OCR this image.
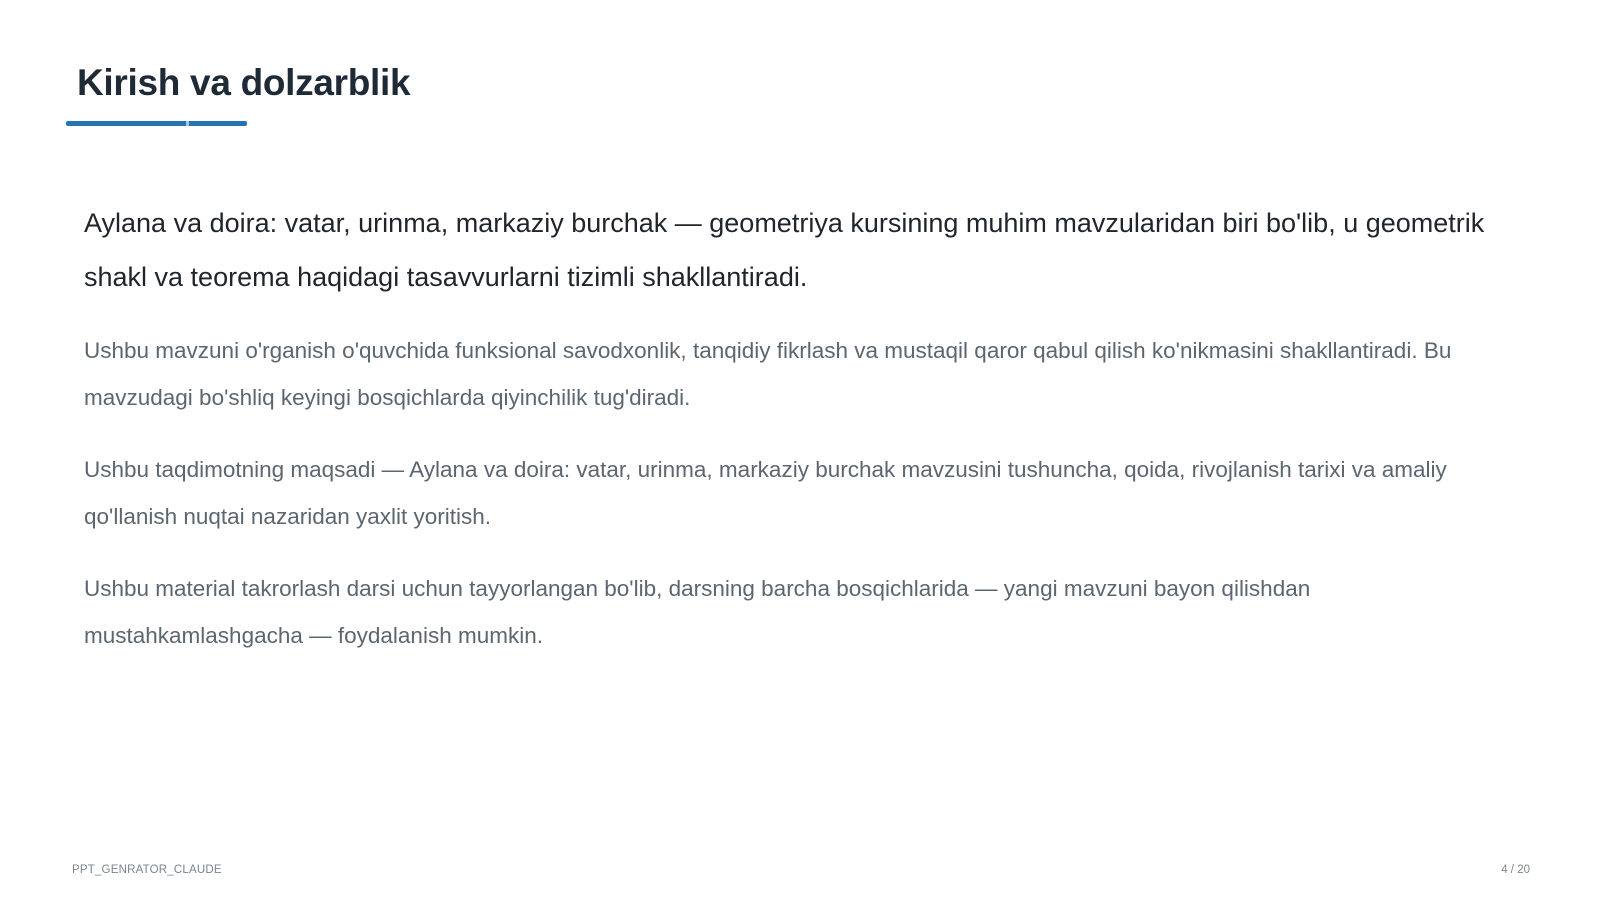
Kirish va dolzarblik

Aylana va doira: vatar, urinma, markaziy burchak — geometriya kursining muhim mavzularidan biri bo'lib, u geometrik shakl va teorema haqidagi tasavvurlarni tizimli shakllantiradi.

Ushbu mavzuni o'rganish o'quvchida funksional savodxonlik, tanqidiy fikrlash va mustaqil qaror qabul qilish ko'nikmasini shakllantiradi. Bu mavzudagi bo'shliq keyingi bosqichlarda qiyinchilik tug'diradi.

Ushbu taqdimotning maqsadi — Aylana va doira: vatar, urinma, markaziy burchak mavzusini tushuncha, qoida, rivojlanish tarixi va amaliy qo'llanish nuqtai nazaridan yaxlit yoritish.

Ushbu material takrorlash darsi uchun tayyorlangan bo'lib, darsning barcha bosqichlarida — yangi mavzuni bayon qilishdan mustahkamlashgacha — foydalanish mumkin.

PPT_GENRATOR_CLAUDE	4 / 20
